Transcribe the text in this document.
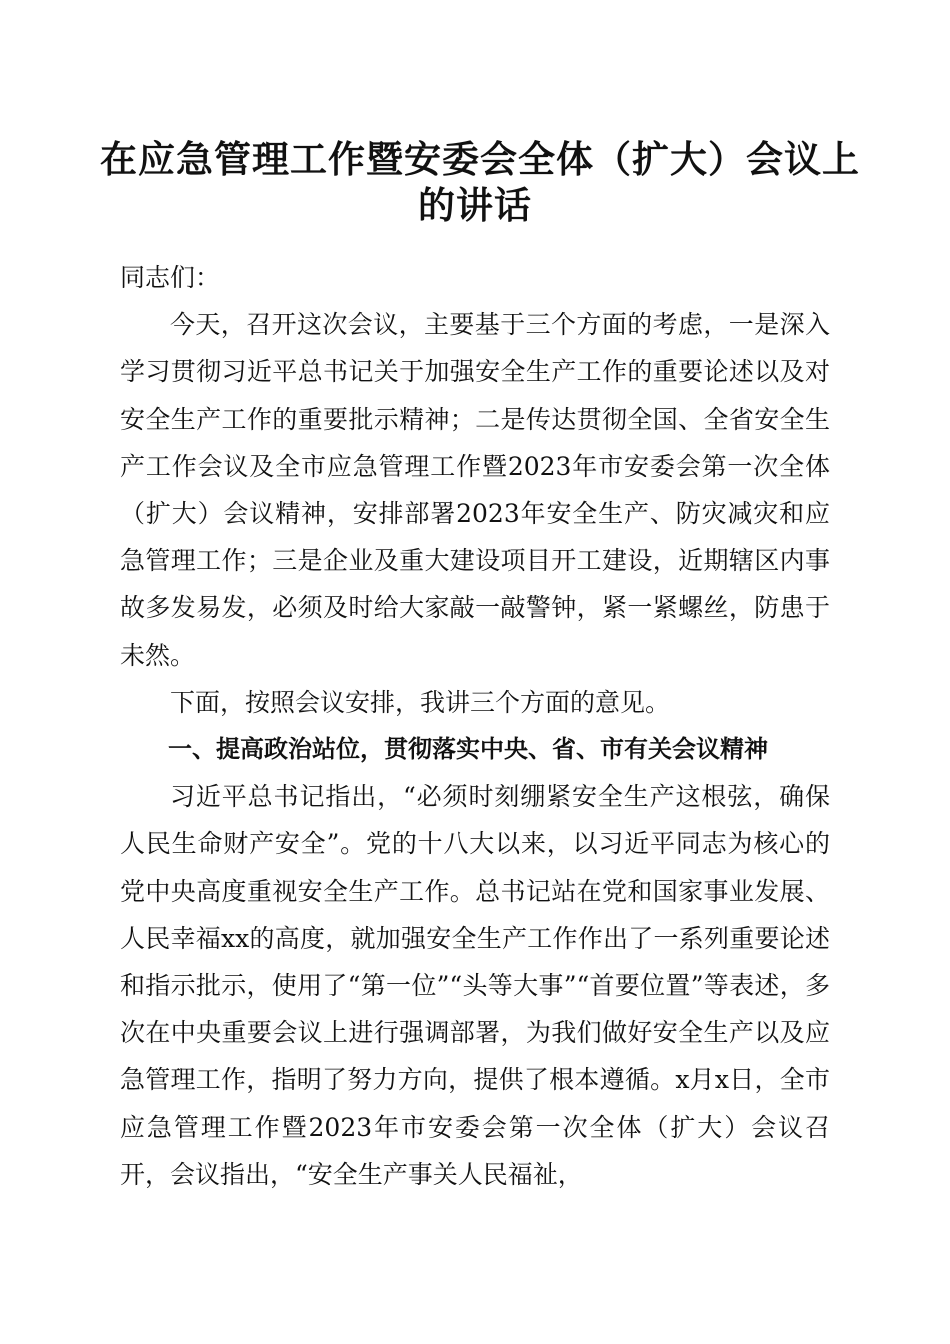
在应急管理工作暨安委会全体（扩大）会议上
的讲话

同志们：

今天，召开这次会议，主要基于三个方面的考虑，一是深入学习贯彻习近平总书记关于加强安全生产工作的重要论述以及对安全生产工作的重要批示精神；二是传达贯彻全国、全省安全生产工作会议及全市应急管理工作暨2023年市安委会第一次全体（扩大）会议精神，安排部署2023年安全生产、防灾减灾和应急管理工作；三是企业及重大建设项目开工建设，近期辖区内事故多发易发，必须及时给大家敲一敲警钟，紧一紧螺丝，防患于未然。

下面，按照会议安排，我讲三个方面的意见。

一、提高政治站位，贯彻落实中央、省、市有关会议精神

习近平总书记指出，“必须时刻绷紧安全生产这根弦，确保人民生命财产安全”。党的十八大以来，以习近平同志为核心的党中央高度重视安全生产工作。总书记站在党和国家事业发展、人民幸福xx的高度，就加强安全生产工作作出了一系列重要论述和指示批示，使用了“第一位”“头等大事”“首要位置”等表述，多次在中央重要会议上进行强调部署，为我们做好安全生产以及应急管理工作，指明了努力方向，提供了根本遵循。x月x日，全市应急管理工作暨2023年市安委会第一次全体（扩大）会议召开，会议指出，“安全生产事关人民福祉，
